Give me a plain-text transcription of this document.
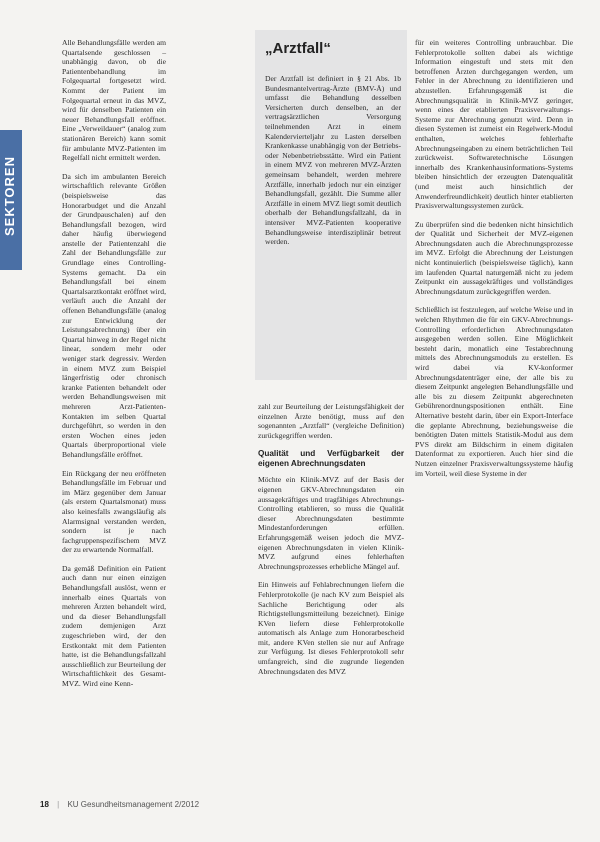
SEKTOREN

Alle Behandlungsfälle werden am Quartalsende geschlossen – unabhängig davon, ob die Patientenbehandlung im Folgequartal fortgesetzt wird. Kommt der Patient im Folgequartal erneut in das MVZ, wird für denselben Patienten ein neuer Behandlungsfall eröffnet. Eine „Verweildauer“ (analog zum stationären Bereich) kann somit für ambulante MVZ-Patienten im Regelfall nicht ermittelt werden.

Da sich im ambulanten Bereich wirtschaftlich relevante Größen (beispielsweise das Honorarbudget und die Anzahl der Grundpauschalen) auf den Behandlungsfall bezogen, wird daher häufig überwiegend anstelle der Patientenzahl die Zahl der Behandlungsfälle zur Grundlage eines Controlling-Systems gemacht. Da ein Behandlungsfall bei einem Quartalsarztkontakt eröffnet wird, verläuft auch die Anzahl der offenen Behandlungsfälle (analog zur Entwicklung der Leistungsabrechnung) über ein Quartal hinweg in der Regel nicht linear, sondern mehr oder weniger stark degressiv. Werden in einem MVZ zum Beispiel längerfristig oder chronisch kranke Patienten behandelt oder werden Behandlungsweisen mit mehreren Arzt-Patienten-Kontakten im selben Quartal durchgeführt, so werden in den ersten Wochen eines jeden Quartals überproportional viele Behandlungsfälle eröffnet.

Ein Rückgang der neu eröffneten Behandlungsfälle im Februar und im März gegenüber dem Januar (als erstem Quartalsmonat) muss also keinesfalls zwangsläufig als Alarmsignal verstanden werden, sondern ist je nach fachgruppenspezifischem MVZ der zu erwartende Normalfall.

Da gemäß Definition ein Patient auch dann nur einen einzigen Behandlungsfall auslöst, wenn er innerhalb eines Quartals von mehreren Ärzten behandelt wird, und da dieser Behandlungsfall zudem demjenigen Arzt zugeschrieben wird, der den Erstkontakt mit dem Patienten hatte, ist die Behandlungsfallzahl ausschließlich zur Beurteilung der Wirtschaftlichkeit des Gesamt-MVZ. Wird eine Kenn-

„Arztfall“
Der Arztfall ist definiert in § 21 Abs. 1b Bundesmantelvertrag-Ärzte (BMV-Ä) und umfasst die Behandlung desselben Versicherten durch denselben, an der vertragsärztlichen Versorgung teilnehmenden Arzt in einem Kalendervierteljahr zu Lasten derselben Krankenkasse unabhängig von der Betriebs- oder Nebenbetriebsstätte. Wird ein Patient in einem MVZ von mehreren MVZ-Ärzten gemeinsam behandelt, werden mehrere Arztfälle, innerhalb jedoch nur ein einziger Behandlungsfall, gezählt. Die Summe aller Arztfälle in einem MVZ liegt somit deutlich oberhalb der Behandlungsfallzahl, da in intensiver MVZ-Patienten kooperative Behandlungsweise interdisziplinär betreut werden.

zahl zur Beurteilung der Leistungsfähigkeit der einzelnen Ärzte benötigt, muss auf den sogenannten „Arztfall“ (vergleiche Definition) zurückgegriffen werden.

Qualität und Verfügbarkeit der eigenen Abrechnungsdaten

Möchte ein Klinik-MVZ auf der Basis der eigenen GKV-Abrechnungsdaten ein aussagekräftiges und tragfähiges Abrechnungs-Controlling etablieren, so muss die Qualität dieser Abrechnungsdaten bestimmte Mindestanforderungen erfüllen. Erfahrungsgemäß weisen jedoch die MVZ-eigenen Abrechnungsdaten in vielen Klinik-MVZ aufgrund eines fehlerhaften Abrechnungsprozesses erhebliche Mängel auf.

Ein Hinweis auf Fehlabrechnungen liefern die Fehlerprotokolle (je nach KV zum Beispiel als Sachliche Berichtigung oder als Richtigstellungsmitteilung bezeichnet). Einige KVen liefern diese Fehlerprotokolle automatisch als Anlage zum Honorarbescheid mit, andere KVen stellen sie nur auf Anfrage zur Verfügung. Ist dieses Fehlerprotokoll sehr umfangreich, sind die zugrunde liegenden Abrechnungsdaten des MVZ

für ein weiteres Controlling unbrauchbar. Die Fehlerprotokolle sollten dabei als wichtige Information eingestuft und stets mit den betroffenen Ärzten durchgegangen werden, um Fehler in der Abrechnung zu identifizieren und abzustellen. Erfahrungsgemäß ist die Abrechnungsqualität in Klinik-MVZ geringer, wenn eines der etablierten Praxisverwaltungs-Systeme zur Abrechnung genutzt wird. Denn in diesen Systemen ist zumeist ein Regelwerk-Modul enthalten, welches fehlerhafte Abrechnungseingaben zu einem beträchtlichen Teil zurückweist. Softwaretechnische Lösungen innerhalb des Krankenhausinformations-Systems bleiben hinsichtlich der erzeugten Datenqualität (und meist auch hinsichtlich der Anwenderfreundlichkeit) deutlich hinter etablierten Praxisverwaltungssystemen zurück.

Zu überprüfen sind die bedenken nicht hinsichtlich der Qualität und Sicherheit der MVZ-eigenen Abrechnungsdaten auch die Abrechnungsprozesse im MVZ. Erfolgt die Abrechnung der Leistungen nicht kontinuierlich (beispielsweise täglich), kann im laufenden Quartal naturgemäß nicht zu jedem Zeitpunkt ein aussagekräftiges und vollständiges Abrechnungsdatum zurückgegriffen werden.

Schließlich ist festzulegen, auf welche Weise und in welchen Rhythmen die für ein GKV-Abrechnungs-Controlling erforderlichen Abrechnungsdaten ausgegeben werden sollen. Eine Möglichkeit besteht darin, monatlich eine Testabrechnung mittels des Abrechnungsmoduls zu erstellen. Es wird dabei via KV-konformer Abrechnungsdatenträger eine, der alle bis zu diesem Zeitpunkt angelegten Behandlungsfälle und alle bis zu diesem Zeitpunkt abgerechneten Gebührenordnungspositionen enthält. Eine Alternative besteht darin, über ein Export-Interface die geplante Abrechnung, beziehungsweise die benötigten Daten mittels Statistik-Modul aus dem PVS direkt am Bildschirm in einem digitalen Datenformat zu exportieren. Auch hier sind die Nutzen einzelner Praxisverwaltungssysteme häufig im Vorteil, weil diese Systeme in der

18 | KU Gesundheitsmanagement 2/2012
